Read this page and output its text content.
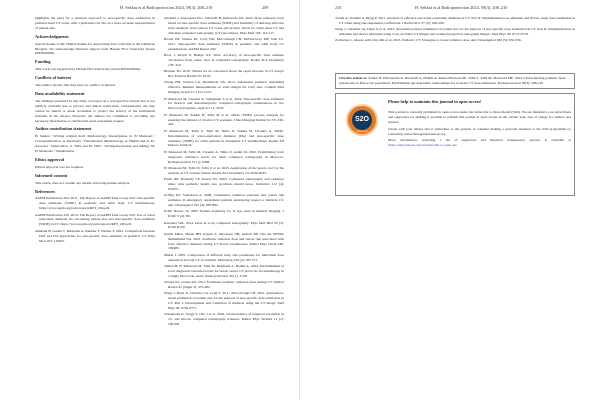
H. Sekkat et al Radioprotection 2024, 59(3), 208–210	209

highlights the need for a nuanced approach to size-specific dose estimation in pediatric head CT scans, with a preference for Dw as a more accurate representation of patient size.

Acknowledgments

Special thanks to Mr. Hamza Sekkat for supervising data collection at the Childrens Hospital. We acknowledge financial support from Hassan First University (Grant #FP2020096).

Funding

This work was supported by Hassan First University (Grant #FP2020096).

Conflicts of interest

The authors declare that they have no conflict of interest.

Data availability statement

The findings presented in this study are based on a retrospective dataset that is not publicly available due to privacy and ethical restrictions. Unfortunately, the data cannot be shared or made accessible to protect the privacy of the individuals included in the dataset. However, the authors are committed to providing any necessary information or clarification upon reasonable request.

Author contribution statement

H. Sekkat : Writing original draft, Methodology, Investigation. K. El Mansouri : Conceptualization, A. Khalloufi : Visualization, Methodology, A. Halimi and O. El-Aassouri : Supervision. Z. Talbi and M. Talbi : Writing-Reviewing and editing. M. El Mansouri : Visualization.

Ethics approval

Ethical approval was not required.

Informed consent

This article does not contain any studies involving human subjects.

References
AAPM Publication 204. 2011. The Report of AAPM Task Group 204: Size-specific dose estimates (SSDE) in pediatric and adult body CT examinations. https://www.aapm.org/pubs/reports/RPT_204.pdf.
AAPM Publication 220. 2014. The Report of AAPM Task Group 220: Use of water equivalent diameter for calculating patient size and size-specific dose estimates (SSDE) in CT. https://www.aapm.org/pubs/reports/RPT_220.pdf.
Alikhani B, Getzin T, Rebmann A, Ruhnke T, Wacker F. 2022. Comparison between Deff and Dw approaches for size-specific dose estimates in pediatric CT. Phys Med 103: 110205.
Anselmi J, Anyaogaru Ebo, Saltarelli B, Dallavalle AN. 2023. Dose reference level based on size-specific dose estimates (SSDE) and feasibility of deriving effective body diameter from patient CT scans and product labels for adult chest CT and abdomen computed tomography (CT) procedures. Phys Med 102: 110-117.
Boone JM, Strauss KJ, Cody DD, McCollough CH, McNitt-Gray MF, Toth TL. 2011. Size-specific dose estimates (SSDE) in pediatric and adult body CT examinations. AAPM Report 204.
Boos J, Kröpil P, Bethge OT. 2016. Accuracy of size-specific dose estimate calculation from center slice in computed tomography. Radiat Prot Dosimetry 178: 419.
Brenner DJ. 2010. Should we be concerned about the rapid increase in CT usage? Rev Environ Health 25: 63-67.
Cheng PM, Vachon LA, Duddalwar VA. 2013. Automated pediatric abdominal effective diameter measurements on axial images for body size. Comput Med Imaging Graph 37: 1151-1153.
El Mansouri M, Choukri A, Semghouli S et al. 2022. Size-specific dose estimates for thoracic and abdominopelvic computed tomography examinations in two Moroccan hospitals. Appl Sci 12: 5655.
El Mansouri M, Sekkat H, Talbi M et al. 2024a. FMEA process analysis for ensuring the failures of 16-slice CT scanners. J Med Imaging Radiat Sci 55: 436-442.
El Mansouri M, Talbi Z, Talbi M, Nhila O, Sekkat H, Choukri A. 2024b. Determination of water-equivalent diameter (Dw) and size-specific dose estimates (SSDE) for adult patients in abdominal CT examinations. Radiat Eff Defects Solids 8.
El Mansouri M, Talbi M, Choukri A, Nhila O, Ashid M. 2022. Establishing local diagnostic reference levels for adult computed tomography in Morocco. Radioprotection 57 (1): 6466.
El Mansouri M, Talbi M, Talbi Z et al. 2023. Application of the pareto tool for the analysis of CT scanner failure. Radiat Prot Dosimetry 23: 2039-2045.
Frush DP, Donnelly LF, Rosen NS. 2003. Computed tomography and radiation risks: what pediatric health care providers should know. Pediatrics 112 (4): 951957.
Griffey RT, Sodickson A. 2009. Cumulative radiation exposure and cancer risk estimates in emergency department patients undergoing repeat or multiple CT. Am J Roentgenol 192 (4): 887-892.
ICRU Report 74. 2005. Patient dosimetry for X rays used in medical imaging. J ICRU 5 (2): 89.
Kalender WA. 2014. Dose in x-ray computed tomography. Phys Med Biol 59 (3): R129-R150.
Karim MKA, Hasan HH, Kayun Z, Aliyaseen OB, Anizan SB, Che Ra NFNM, Muhammad NA. 2021. Paediatric radiation dose and cancer risk associated with body effective diameter during CT thorax examination. Radiat Phys Chem 186: 109485.
Mukta I. 2005. Comparison of different body size parameters for individual dose adaptation in body CT of children. Med Imag 236 (2): 565 571.
Sekkat H, El Mansouri M, Talbi M, Khalloufi A, Halimi A. 2024. Establishment of local diagnostic reference levels for breast cancer CT protocols in radiotherapy in a single Moroccan center. Radioprotection 59 (1): 3138.
Strauss KJ, Goske MJ. 2011. Estimated pediatric radiation dose during CT. Pediatr Radiol 41 (Suppl 2): 472-482.
Wang J, Duan X, Christner JA, Leng S, Yu L, McCollough CH. 2012. Attenuation-based estimation of patient size for the purpose of size specific dose estimation in CT. Part I. Development and validation of methods using the CT image. Med Phys 39: 6764-6771.
Yokomachi K, Tsuge T, Ono J et al. 2018. Characteristics of temporal resolution in 16- and 64-row computed tomography scanners. Radiol Phys Technol 11 (1): 100108.
210	H. Sekkat et al Radioprotection 2024, 59(3), 208–210
Tortell A, Yoshida A, Hogg P. 2017. Analysis of effective and water-equivalent diameter in CT. Part II: Implementation on abdomen and thorax organ dose estimation in CT when using size-dependent coefficients. J Radiol Prot 37 (2): 190-206.
Wang J, Christner JA, Duan X et al. 2012. Attenuation-based estimation of patient size for the purpose of size specific dose estimation in CT. Part II. Implementation on abdomen and thorax phantoms using cross sectional CT images and scanned projection radiograph images. Med Phys 39: 6772-6778.
Zacharias C, Alessio AM, Otto RK et al. 2013. Pediatric CT: Strategies to lower radiation dose. Am J Roentgenol 200 (5): 950-956.
Cite this article as: Sekkat H, Elmansouri K, Khalloufi A, Halimi A, Ahmed Haraoui OE, Talbi Z, Talbi M, Mansouri ME. 2024. Characterizing pediatric head patient size in Moroccan population: Establishing age-dependent relationships for accurate CT dose estimation. Radioprotection 59(3): 208-210
SUBSCRIBE TO OPEN
S2O
OPEN ACCESS
Please help to maintain this journal in open access!

This journal is currently published in open access under the Subscribe to Open model (S2O). We are thankful to our subscribers and supporters for making it possible to publish this journal in open access in the current year, free of charge for authors and readers.

Check with your library that it subscribes to the journal, or consider making a personal donation to the S2O programme by contacting subscribers@edpsciences.org

More information, including a list of supporters and financial transparency reports, is available at https://edpsciences.org/en/subscribe-to-open-s2o
